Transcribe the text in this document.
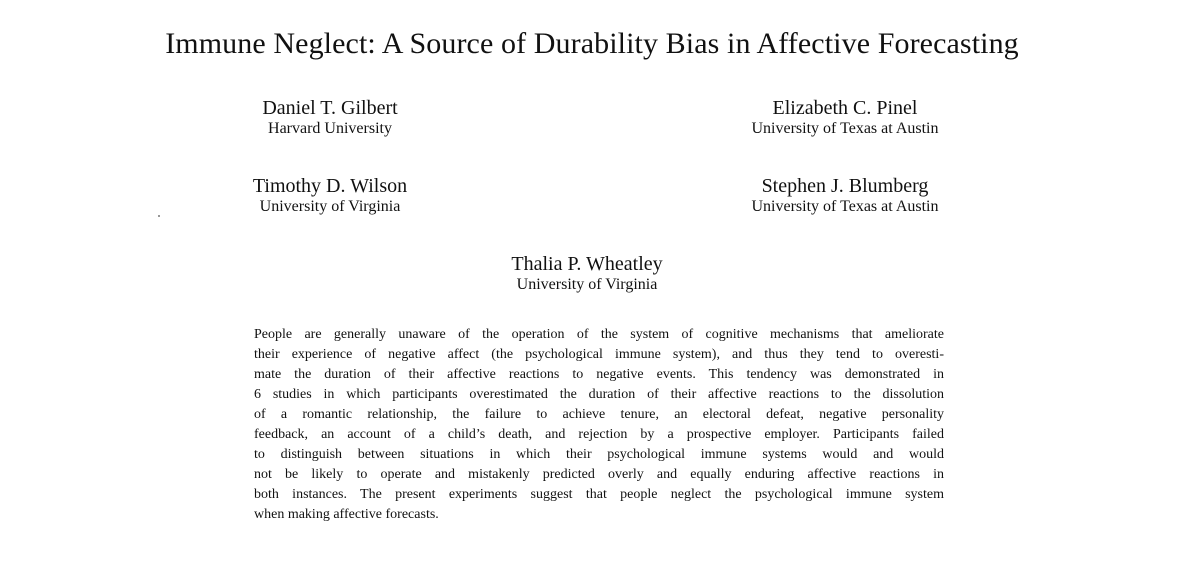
Immune Neglect: A Source of Durability Bias in Affective Forecasting
Daniel T. Gilbert
Harvard University
Elizabeth C. Pinel
University of Texas at Austin
Timothy D. Wilson
University of Virginia
Stephen J. Blumberg
University of Texas at Austin
Thalia P. Wheatley
University of Virginia
People are generally unaware of the operation of the system of cognitive mechanisms that ameliorate
their experience of negative affect (the psychological immune system), and thus they tend to overesti-
mate the duration of their affective reactions to negative events. This tendency was demonstrated in
6 studies in which participants overestimated the duration of their affective reactions to the dissolution
of a romantic relationship, the failure to achieve tenure, an electoral defeat, negative personality
feedback, an account of a child’s death, and rejection by a prospective employer. Participants failed
to distinguish between situations in which their psychological immune systems would and would
not be likely to operate and mistakenly predicted overly and equally enduring affective reactions in
both instances. The present experiments suggest that people neglect the psychological immune system
when making affective forecasts.
